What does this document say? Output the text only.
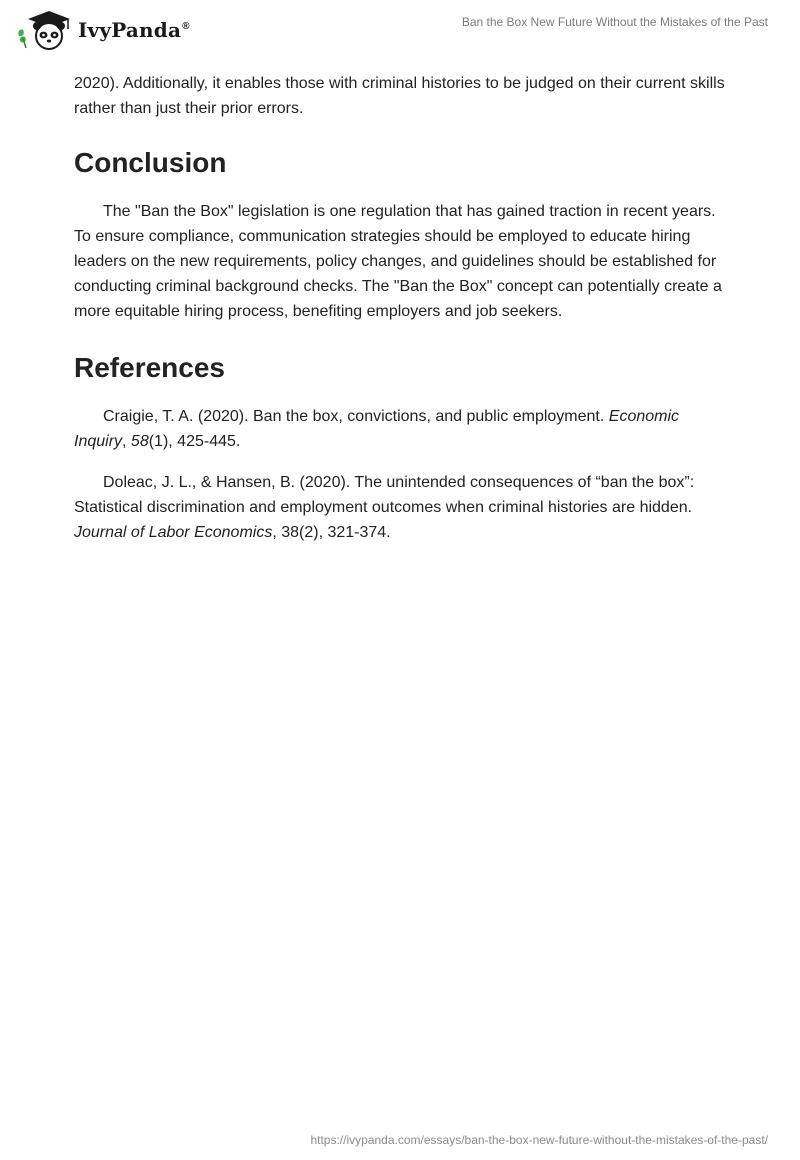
IvyPanda®	Ban the Box New Future Without the Mistakes of the Past

2020). Additionally, it enables those with criminal histories to be judged on their current skills rather than just their prior errors.

Conclusion

The "Ban the Box" legislation is one regulation that has gained traction in recent years. To ensure compliance, communication strategies should be employed to educate hiring leaders on the new requirements, policy changes, and guidelines should be established for conducting criminal background checks. The "Ban the Box" concept can potentially create a more equitable hiring process, benefiting employers and job seekers.

References

Craigie, T. A. (2020). Ban the box, convictions, and public employment. Economic Inquiry, 58(1), 425-445.

Doleac, J. L., & Hansen, B. (2020). The unintended consequences of “ban the box”: Statistical discrimination and employment outcomes when criminal histories are hidden. Journal of Labor Economics, 38(2), 321-374.

https://ivypanda.com/essays/ban-the-box-new-future-without-the-mistakes-of-the-past/
